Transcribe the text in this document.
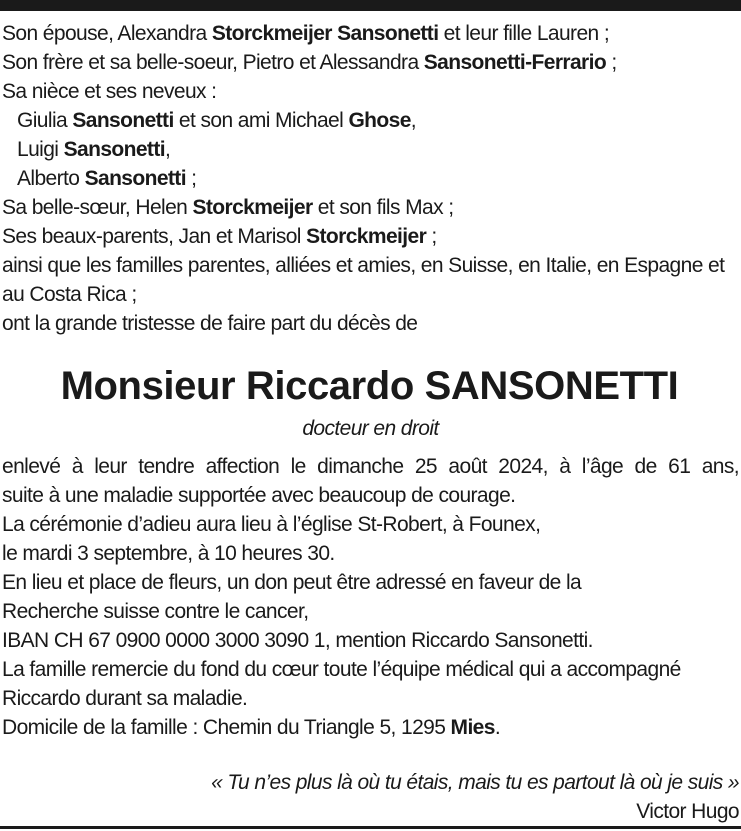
Son épouse, Alexandra Storckmeijer Sansonetti et leur fille Lauren ;

Son frère et sa belle-soeur, Pietro et Alessandra Sansonetti-Ferrario ;

Sa nièce et ses neveux :

Giulia Sansonetti et son ami Michael Ghose,

Luigi Sansonetti,

Alberto Sansonetti ;

Sa belle-sœur, Helen Storckmeijer et son fils Max ;

Ses beaux-parents, Jan et Marisol Storckmeijer ;

ainsi que les familles parentes, alliées et amies, en Suisse, en Italie, en Espagne et au Costa Rica ;

ont la grande tristesse de faire part du décès de

Monsieur Riccardo SANSONETTI

docteur en droit

enlevé à leur tendre affection le dimanche 25 août 2024, à l’âge de 61 ans,

suite à une maladie supportée avec beaucoup de courage.

La cérémonie d’adieu aura lieu à l’église St-Robert, à Founex,

le mardi 3 septembre, à 10 heures 30.

En lieu et place de fleurs, un don peut être adressé en faveur de la

Recherche suisse contre le cancer,

IBAN CH 67 0900 0000 3000 3090 1, mention Riccardo Sansonetti.

La famille remercie du fond du cœur toute l’équipe médical qui a accompagné

Riccardo durant sa maladie.

Domicile de la famille : Chemin du Triangle 5, 1295 Mies.

« Tu n’es plus là où tu étais, mais tu es partout là où je suis »

Victor Hugo
